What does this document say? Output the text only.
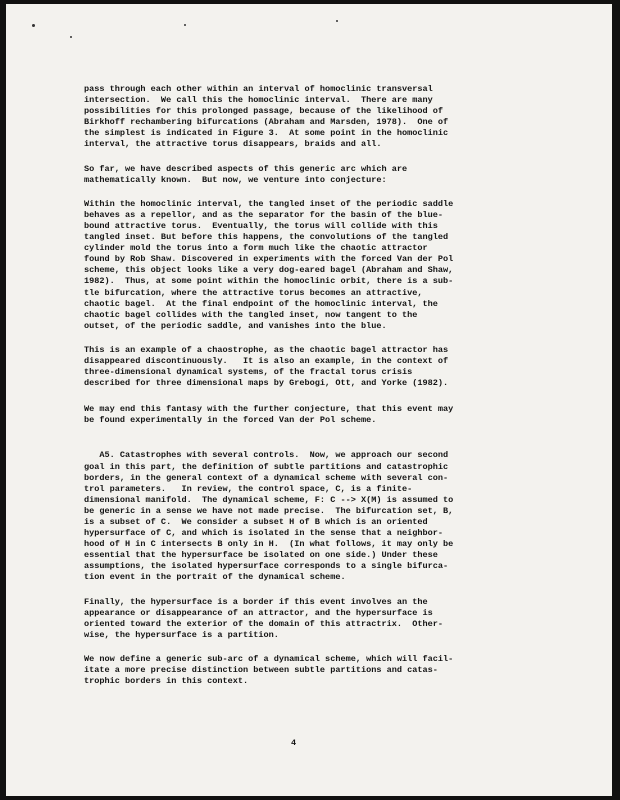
pass through each other within an interval of homoclinic transversal
intersection.  We call this the homoclinic interval.  There are many
possibilities for this prolonged passage, because of the likelihood of
Birkhoff rechambering bifurcations (Abraham and Marsden, 1978).  One of
the simplest is indicated in Figure 3.  At some point in the homoclinic
interval, the attractive torus disappears, braids and all.

So far, we have described aspects of this generic arc which are
mathematically known.  But now, we venture into conjecture:

Within the homoclinic interval, the tangled inset of the periodic saddle
behaves as a repellor, and as the separator for the basin of the blue-
bound attractive torus.  Eventually, the torus will collide with this
tangled inset. But before this happens, the convolutions of the tangled
cylinder mold the torus into a form much like the chaotic attractor
found by Rob Shaw. Discovered in experiments with the forced Van der Pol
scheme, this object looks like a very dog-eared bagel (Abraham and Shaw,
1982).  Thus, at some point within the homoclinic orbit, there is a sub-
tle bifurcation, where the attractive torus becomes an attractive,
chaotic bagel.  At the final endpoint of the homoclinic interval, the
chaotic bagel collides with the tangled inset, now tangent to the
outset, of the periodic saddle, and vanishes into the blue.

This is an example of a chaostrophe, as the chaotic bagel attractor has
disappeared discontinuously.   It is also an example, in the context of
three-dimensional dynamical systems, of the fractal torus crisis
described for three dimensional maps by Grebogi, Ott, and Yorke (1982).

We may end this fantasy with the further conjecture, that this event may
be found experimentally in the forced Van der Pol scheme.

A5. Catastrophes with several controls.  Now, we approach our second
goal in this part, the definition of subtle partitions and catastrophic
borders, in the general context of a dynamical scheme with several con-
trol parameters.   In review, the control space, C, is a finite-
dimensional manifold.  The dynamical scheme, F: C --> X(M) is assumed to
be generic in a sense we have not made precise.  The bifurcation set, B,
is a subset of C.  We consider a subset H of B which is an oriented
hypersurface of C, and which is isolated in the sense that a neighbor-
hood of H in C intersects B only in H.  (In what follows, it may only be
essential that the hypersurface be isolated on one side.) Under these
assumptions, the isolated hypersurface corresponds to a single bifurca-
tion event in the portrait of the dynamical scheme.

Finally, the hypersurface is a border if this event involves an the
appearance or disappearance of an attractor, and the hypersurface is
oriented toward the exterior of the domain of this attractrix.  Other-
wise, the hypersurface is a partition.

We now define a generic sub-arc of a dynamical scheme, which will facil-
itate a more precise distinction between subtle partitions and catas-
trophic borders in this context.

4
